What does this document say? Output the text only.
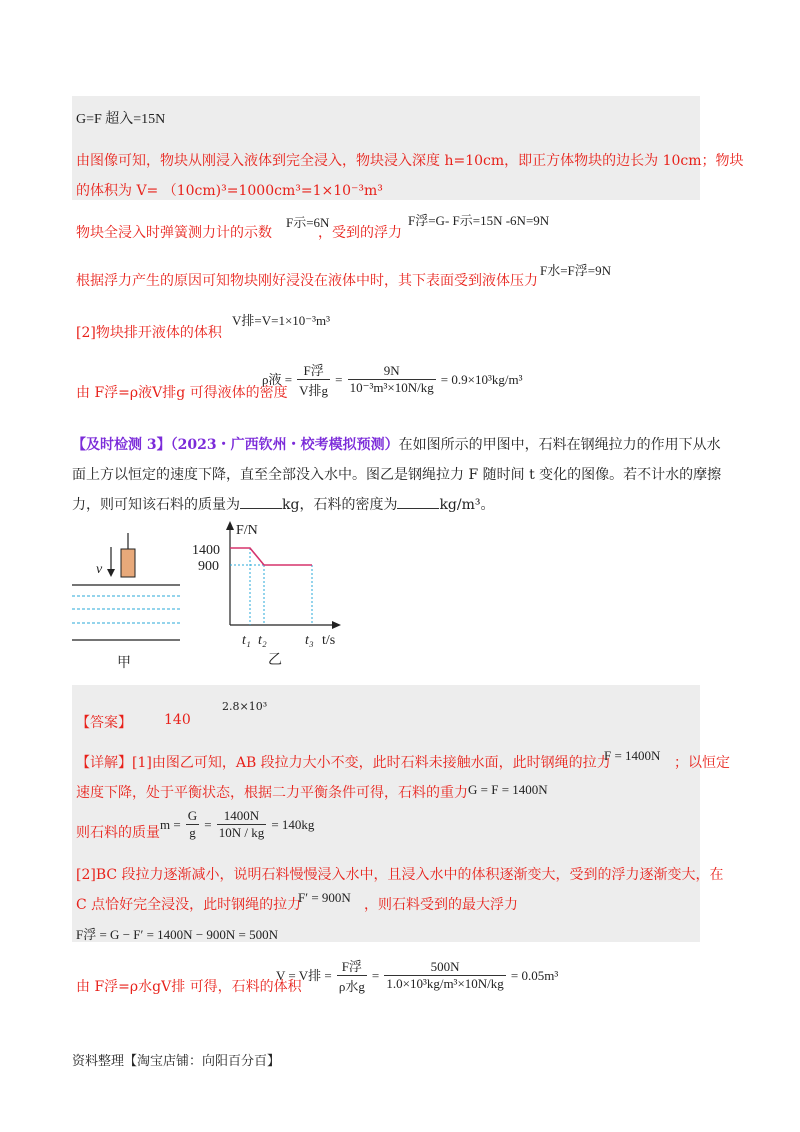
G=F 超入=15N
由图像可知，物块从刚浸入液体到完全浸入，物块浸入深度 h=10cm，即正方体物块的边长为 10cm；物块
的体积为 V= （10cm)³=1000cm³=1×10⁻³m³
物块全浸入时弹簧测力计的示数
F示=6N
，受到的浮力
F浮=G- F示=15N -6N=9N
根据浮力产生的原因可知物块刚好浸没在液体中时，其下表面受到液体压力
F水=F浮=9N
[2]物块排开液体的体积
V排=V=1×10⁻³m³
由 F浮=ρ液V排g 可得液体的密度
ρ液 = $\frac{\text{F浮}}{\text{V排g}} = \frac{9N}{\text{10⁻³m³×10N/kg}} = 0.9\times 10^3kg/m^3$
【及时检测 3】（2023・广西钦州・校考模拟预测）在如图所示的甲图中，石料在钢绳拉力的作用下从水
面上方以恒定的速度下降，直至全部没入水中。图乙是钢绳拉力 F 随时间 t 变化的图像。若不计水的摩擦
力，则可知该石料的质量为	kg，石料的密度为	kg/m³。
v
甲
F/N
1400
900
t₁ t₂	t₃ t/s
乙
【答案】 140
2.8×10³
【详解】[1]由图乙可知，AB 段拉力大小不变，此时石料未接触水面，此时钢绳的拉力
F = 1400N ；以恒定
速度下降，处于平衡状态，根据二力平衡条件可得，石料的重力 G = F = 1400N
则石料的质量
$m = \frac{G}{g} = \frac{1400N}{10N / kg} = 140kg$
[2]BC 段拉力逐渐减小，说明石料慢慢浸入水中，且浸入水中的体积逐渐变大，受到的浮力逐渐变大，在
C 点恰好完全浸没，此时钢绳的拉力
F′ = 900N ，则石料受到的最大浮力
F浮 = G − F′ = 1400N − 900N = 500N
由 F浮=ρ水gV排 可得，石料的体积
V = V排 = $\frac{\text{F浮}}{\text{ρ水g}} = \frac{500N}{\text{1.0×10³kg/m³×10N/kg}} = 0.05m^3$
资料整理【淘宝店铺：向阳百分百】
